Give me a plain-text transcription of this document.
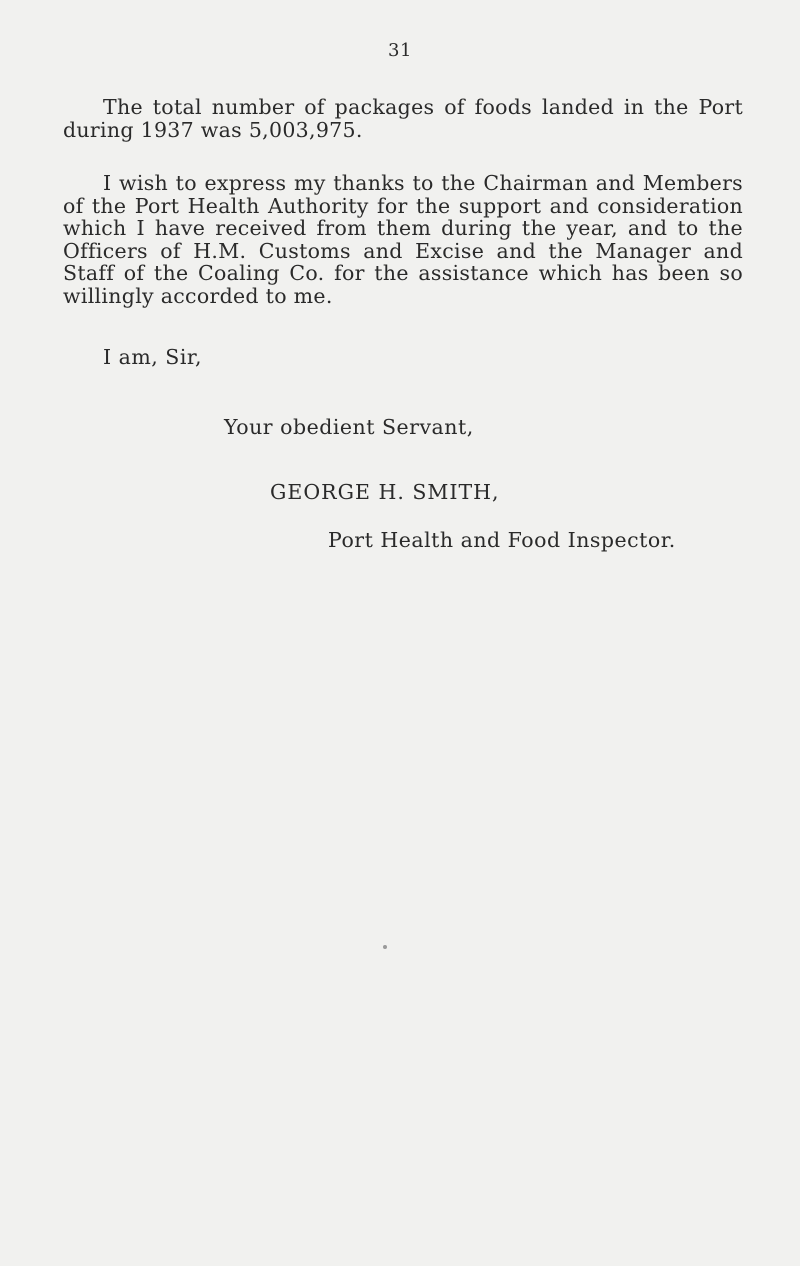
31

The total number of packages of foods landed in the Port during 1937 was 5,003,975.

I wish to express my thanks to the Chairman and Members of the Port Health Authority for the support and consideration which I have received from them during the year, and to the Officers of H.M. Customs and Excise and the Manager and Staff of the Coaling Co. for the assistance which has been so willingly accorded to me.

I am, Sir,

Your obedient Servant,

GEORGE H. SMITH,

Port Health and Food Inspector.
